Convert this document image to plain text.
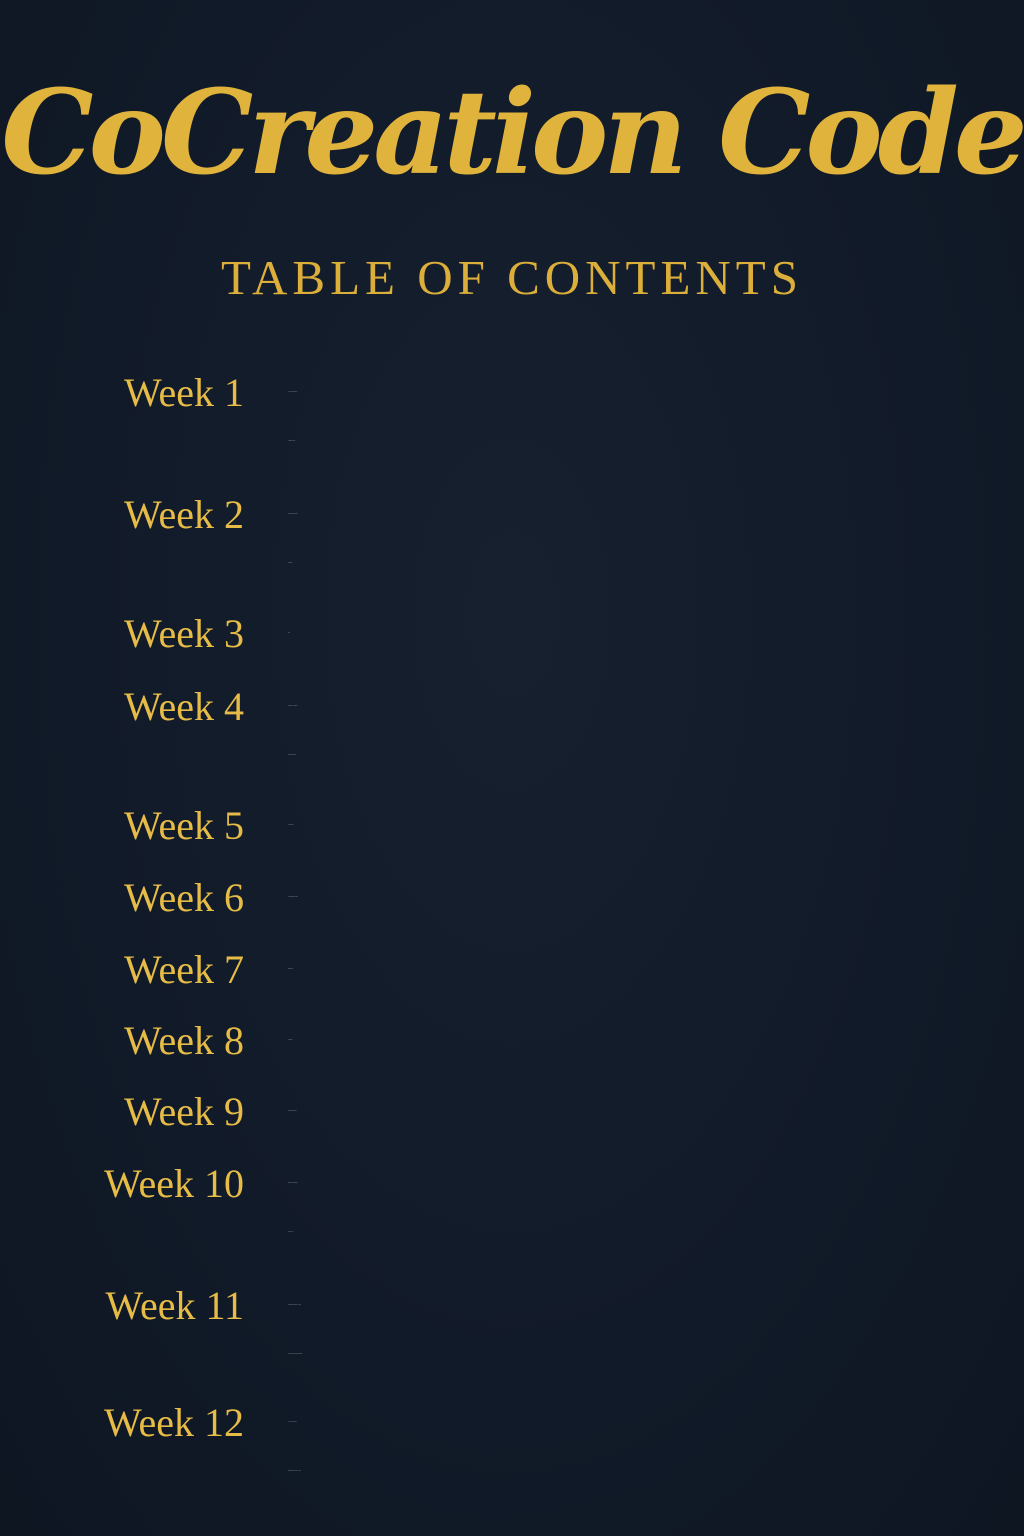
CoCreation Code
TABLE OF CONTENTS
Week 1	The Divine Discontent–
Longing for More
Week 2	Desire and Definiteness
of Purpose
Week 3	Faith
Week 4	Decision–The Moment
Everything Changes
Week 5	Fear & Doubt
Week 6	The Subconscious Mind
Week 7	Imagination
Week 8	Persistence
Week 9	Mastermind Principle
Week 10	Organized Planning and
Right Action
Week 11	Unblocking Abundance–Giving,
Receiving, Forgiving, and Gratitude
Week 12	The Universal Matrix–
Mastering the Laws of Creation
